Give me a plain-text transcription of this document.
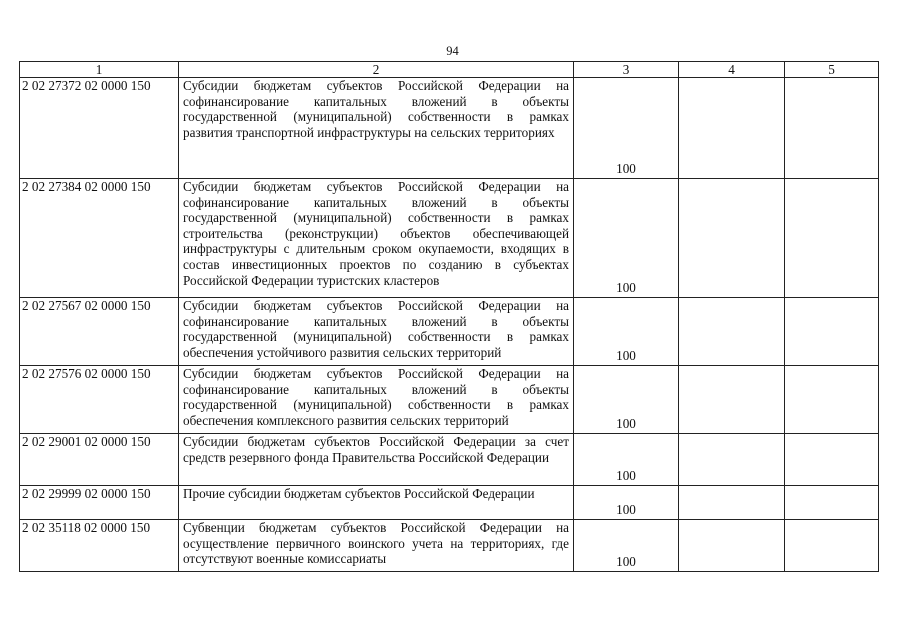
94
1	2	3	4	5
2 02 27372 02 0000 150	Субсидии бюджетам субъектов Российской Федерации на софинансирование капитальных вложений в объекты государственной (муниципальной) собственности в рамках развития транспортной инфраструктуры на сельских территориях	100		
2 02 27384 02 0000 150	Субсидии бюджетам субъектов Российской Федерации на софинансирование капитальных вложений в объекты государственной (муниципальной) собственности в рамках строительства (реконструкции) объектов обеспечивающей инфраструктуры с длительным сроком окупаемости, входящих в состав инвестиционных проектов по созданию в субъектах Российской Федерации туристских кластеров	100		
2 02 27567 02 0000 150	Субсидии бюджетам субъектов Российской Федерации на софинансирование капитальных вложений в объекты государственной (муниципальной) собственности в рамках обеспечения устойчивого развития сельских территорий	100		
2 02 27576 02 0000 150	Субсидии бюджетам субъектов Российской Федерации на софинансирование капитальных вложений в объекты государственной (муниципальной) собственности в рамках обеспечения комплексного развития сельских территорий	100		
2 02 29001 02 0000 150	Субсидии бюджетам субъектов Российской Федерации за счет средств резервного фонда Правительства Российской Федерации	100		
2 02 29999 02 0000 150	Прочие субсидии бюджетам субъектов Российской Федерации	100		
2 02 35118 02 0000 150	Субвенции бюджетам субъектов Российской Федерации на осуществление первичного воинского учета на территориях, где отсутствуют военные комиссариаты	100		
